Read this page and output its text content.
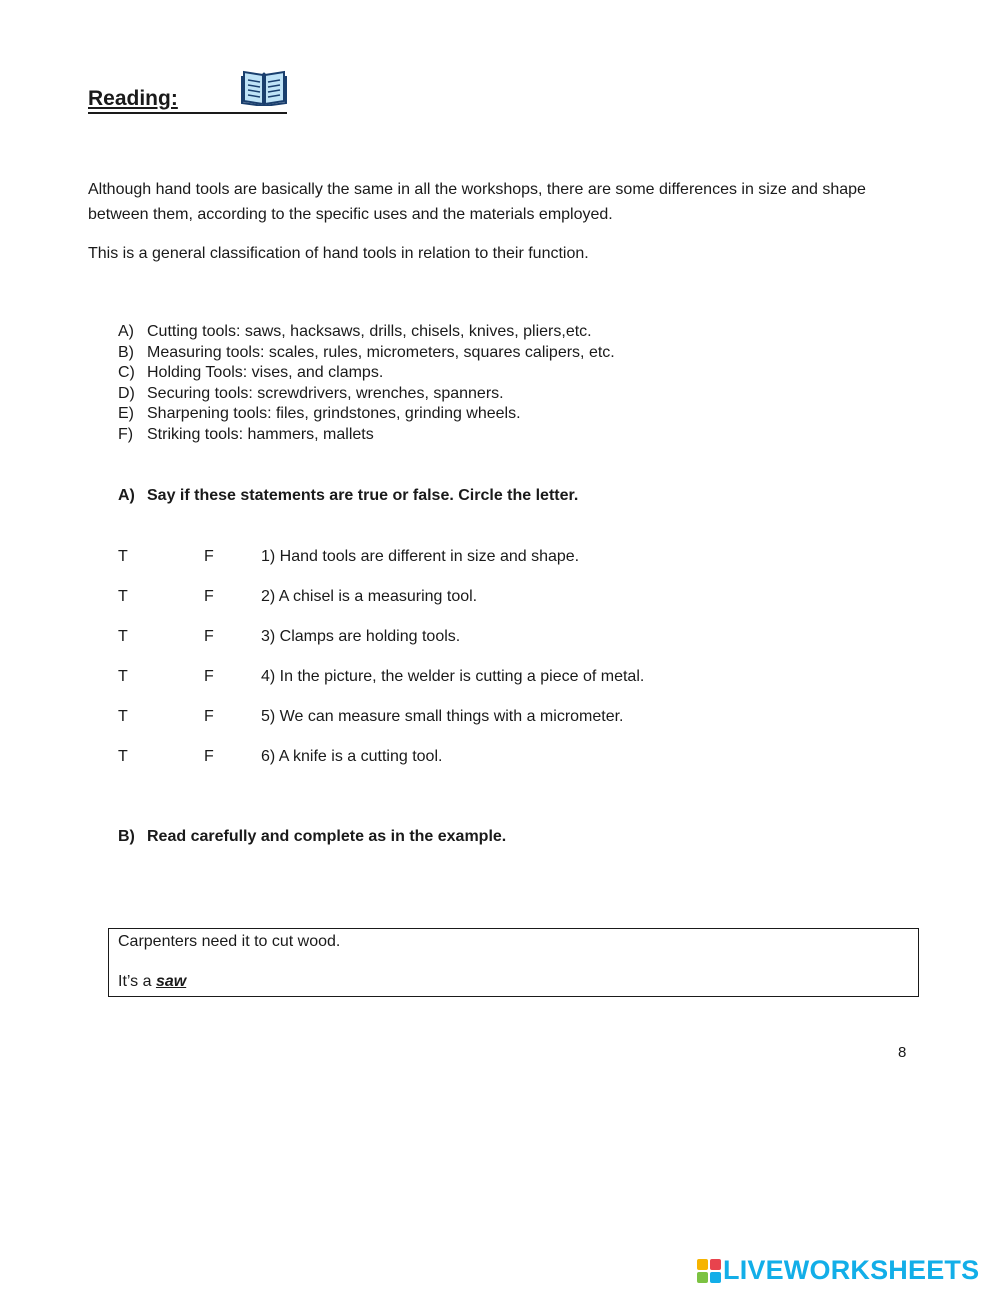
Reading:

Although hand tools are basically the same in all the workshops, there are some differences in size and shape between them, according to the specific uses and the materials employed.

This is a general classification of hand tools in relation to their function.

A) Cutting tools: saws, hacksaws, drills, chisels, knives, pliers,etc.
B) Measuring tools: scales, rules, micrometers, squares calipers, etc.
C) Holding Tools: vises, and clamps.
D) Securing tools: screwdrivers, wrenches, spanners.
E) Sharpening tools: files, grindstones, grinding wheels.
F) Striking tools: hammers, mallets

A) Say if these statements are true or false. Circle the letter.

T	F	1) Hand tools are different in size and shape.
T	F	2) A chisel is a measuring tool.
T	F	3) Clamps are holding tools.
T	F	4) In the picture, the welder is cutting a piece of metal.
T	F	5) We can measure small things with a micrometer.
T	F	6) A knife is a cutting tool.

B) Read carefully and complete as in the example.

Carpenters need it to cut wood.

It’s a saw

8

LIVEWORKSHEETS
